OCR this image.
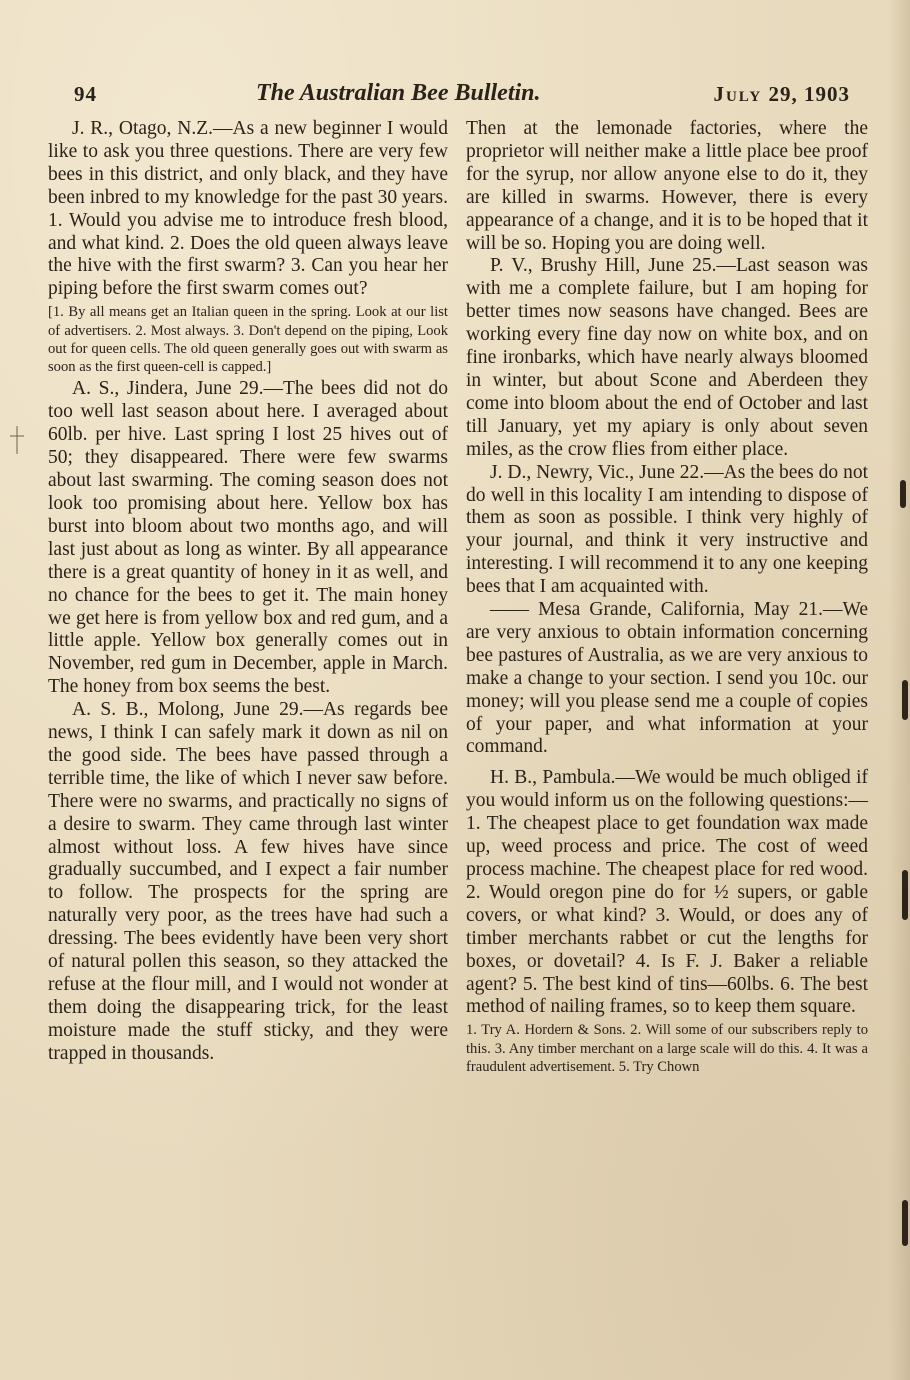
94	The Australian Bee Bulletin.	July 29, 1903

J. R., Otago, N.Z.—As a new beginner I would like to ask you three questions. There are very few bees in this district, and only black, and they have been inbred to my knowledge for the past 30 years. 1. Would you advise me to introduce fresh blood, and what kind. 2. Does the old queen always leave the hive with the first swarm? 3. Can you hear her piping before the first swarm comes out?

[1. By all means get an Italian queen in the spring. Look at our list of advertisers. 2. Most always. 3. Don't depend on the piping, Look out for queen cells. The old queen generally goes out with swarm as soon as the first queen-cell is capped.]

A. S., Jindera, June 29.—The bees did not do too well last season about here. I averaged about 60lb. per hive. Last spring I lost 25 hives out of 50; they disappeared. There were few swarms about last swarming. The coming season does not look too promising about here. Yellow box has burst into bloom about two months ago, and will last just about as long as winter. By all appearance there is a great quantity of honey in it as well, and no chance for the bees to get it. The main honey we get here is from yellow box and red gum, and a little apple. Yellow box generally comes out in November, red gum in December, apple in March. The honey from box seems the best.

A. S. B., Molong, June 29.—As regards bee news, I think I can safely mark it down as nil on the good side. The bees have passed through a terrible time, the like of which I never saw before. There were no swarms, and practically no signs of a desire to swarm. They came through last winter almost without loss. A few hives have since gradually succumbed, and I expect a fair number to follow. The prospects for the spring are naturally very poor, as the trees have had such a dressing. The bees evidently have been very short of natural pollen this season, so they attacked the refuse at the flour mill, and I would not wonder at them doing the disappearing trick, for the least moisture made the stuff sticky, and they were trapped in thousands.

Then at the lemonade factories, where the proprietor will neither make a little place bee proof for the syrup, nor allow anyone else to do it, they are killed in swarms. However, there is every appearance of a change, and it is to be hoped that it will be so. Hoping you are doing well.

P. V., Brushy Hill, June 25.—Last season was with me a complete failure, but I am hoping for better times now seasons have changed. Bees are working every fine day now on white box, and on fine ironbarks, which have nearly always bloomed in winter, but about Scone and Aberdeen they come into bloom about the end of October and last till January, yet my apiary is only about seven miles, as the crow flies from either place.

J. D., Newry, Vic., June 22.—As the bees do not do well in this locality I am intending to dispose of them as soon as possible. I think very highly of your journal, and think it very instructive and interesting. I will recommend it to any one keeping bees that I am acquainted with.

—— Mesa Grande, California, May 21.—We are very anxious to obtain information concerning bee pastures of Australia, as we are very anxious to make a change to your section. I send you 10c. our money; will you please send me a couple of copies of your paper, and what information at your command.

H. B., Pambula.—We would be much obliged if you would inform us on the following questions:—1. The cheapest place to get foundation wax made up, weed process and price. The cost of weed process machine. The cheapest place for red wood. 2. Would oregon pine do for ½ supers, or gable covers, or what kind? 3. Would, or does any of timber merchants rabbet or cut the lengths for boxes, or dovetail? 4. Is F. J. Baker a reliable agent? 5. The best kind of tins—60lbs. 6. The best method of nailing frames, so to keep them square.

1. Try A. Hordern & Sons. 2. Will some of our subscribers reply to this. 3. Any timber merchant on a large scale will do this. 4. It was a fraudulent advertisement. 5. Try Chown
